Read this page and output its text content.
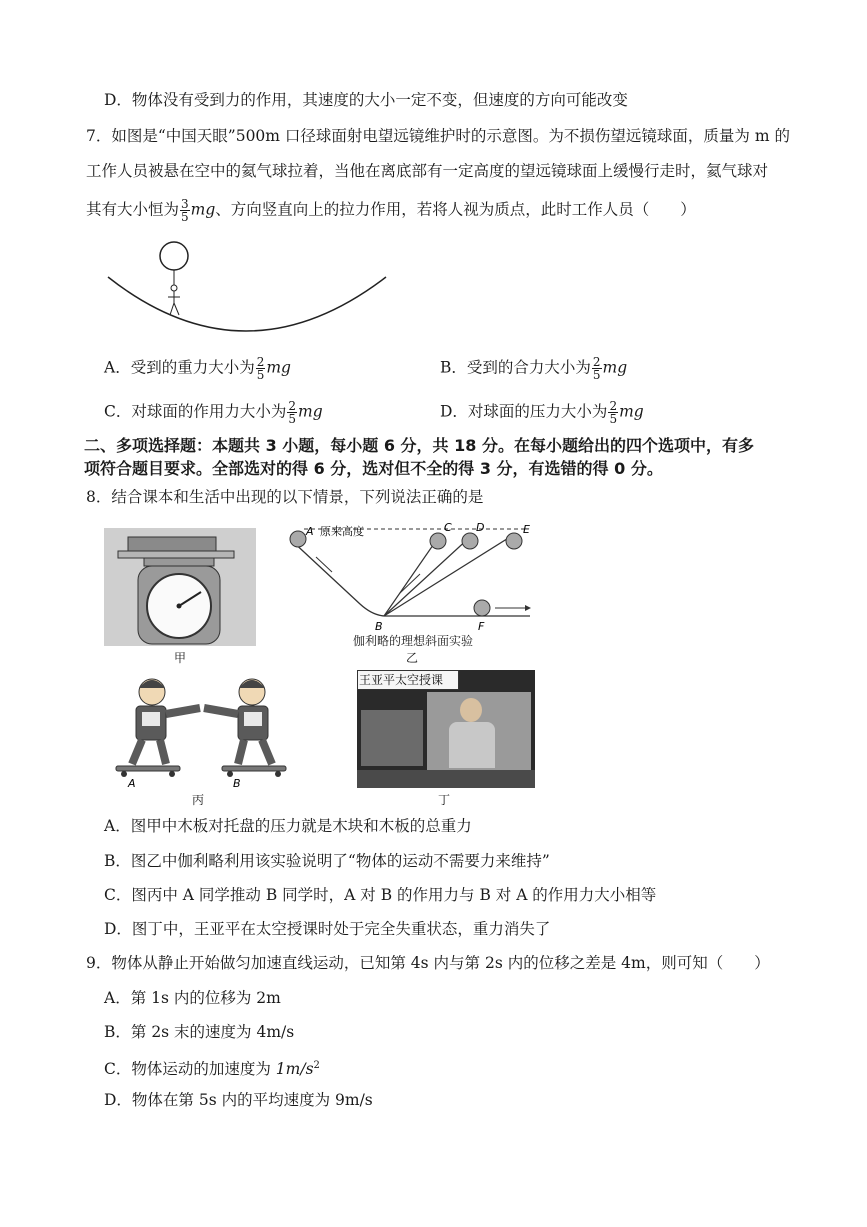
D．物体没有受到力的作用，其速度的大小一定不变，但速度的方向可能改变
7．如图是“中国天眼”500m 口径球面射电望远镜维护时的示意图。为不损伤望远镜球面，质量为 m 的
工作人员被悬在空中的氦气球拉着，当他在离底部有一定高度的望远镜球面上缓慢行走时，氦气球对
其有大小恒为 $\frac{3}{5}$ mg、方向竖直向上的拉力作用，若将人视为质点，此时工作人员（　　）
A．受到的重力大小为 $\frac{2}{5}$ mg	B．受到的合力大小为 $\frac{2}{5}$ mg
C．对球面的作用力大小为 $\frac{2}{5}$ mg	D．对球面的压力大小为 $\frac{2}{5}$ mg
二、多项选择题：本题共 3 小题，每小题 6 分，共 18 分。在每小题给出的四个选项中，有多
项符合题目要求。全部选对的得 6 分，选对但不全的得 3 分，有选错的得 0 分。
8．结合课本和生活中出现的以下情景，下列说法正确的是
甲
A 原来高度	C D	E
B	F
伽利略的理想斜面实验
乙
A	B
丙
王亚平太空授课
丁
A．图甲中木板对托盘的压力就是木块和木板的总重力
B．图乙中伽利略利用该实验说明了“物体的运动不需要力来维持”
C．图丙中 A 同学推动 B 同学时，A 对 B 的作用力与 B 对 A 的作用力大小相等
D．图丁中，王亚平在太空授课时处于完全失重状态，重力消失了
9．物体从静止开始做匀加速直线运动，已知第 4s 内与第 2s 内的位移之差是 4m，则可知（　　）
A．第 1s 内的位移为 2m
B．第 2s 末的速度为 4m/s
C．物体运动的加速度为 $1m/s^2$
D．物体在第 5s 内的平均速度为 9m/s
